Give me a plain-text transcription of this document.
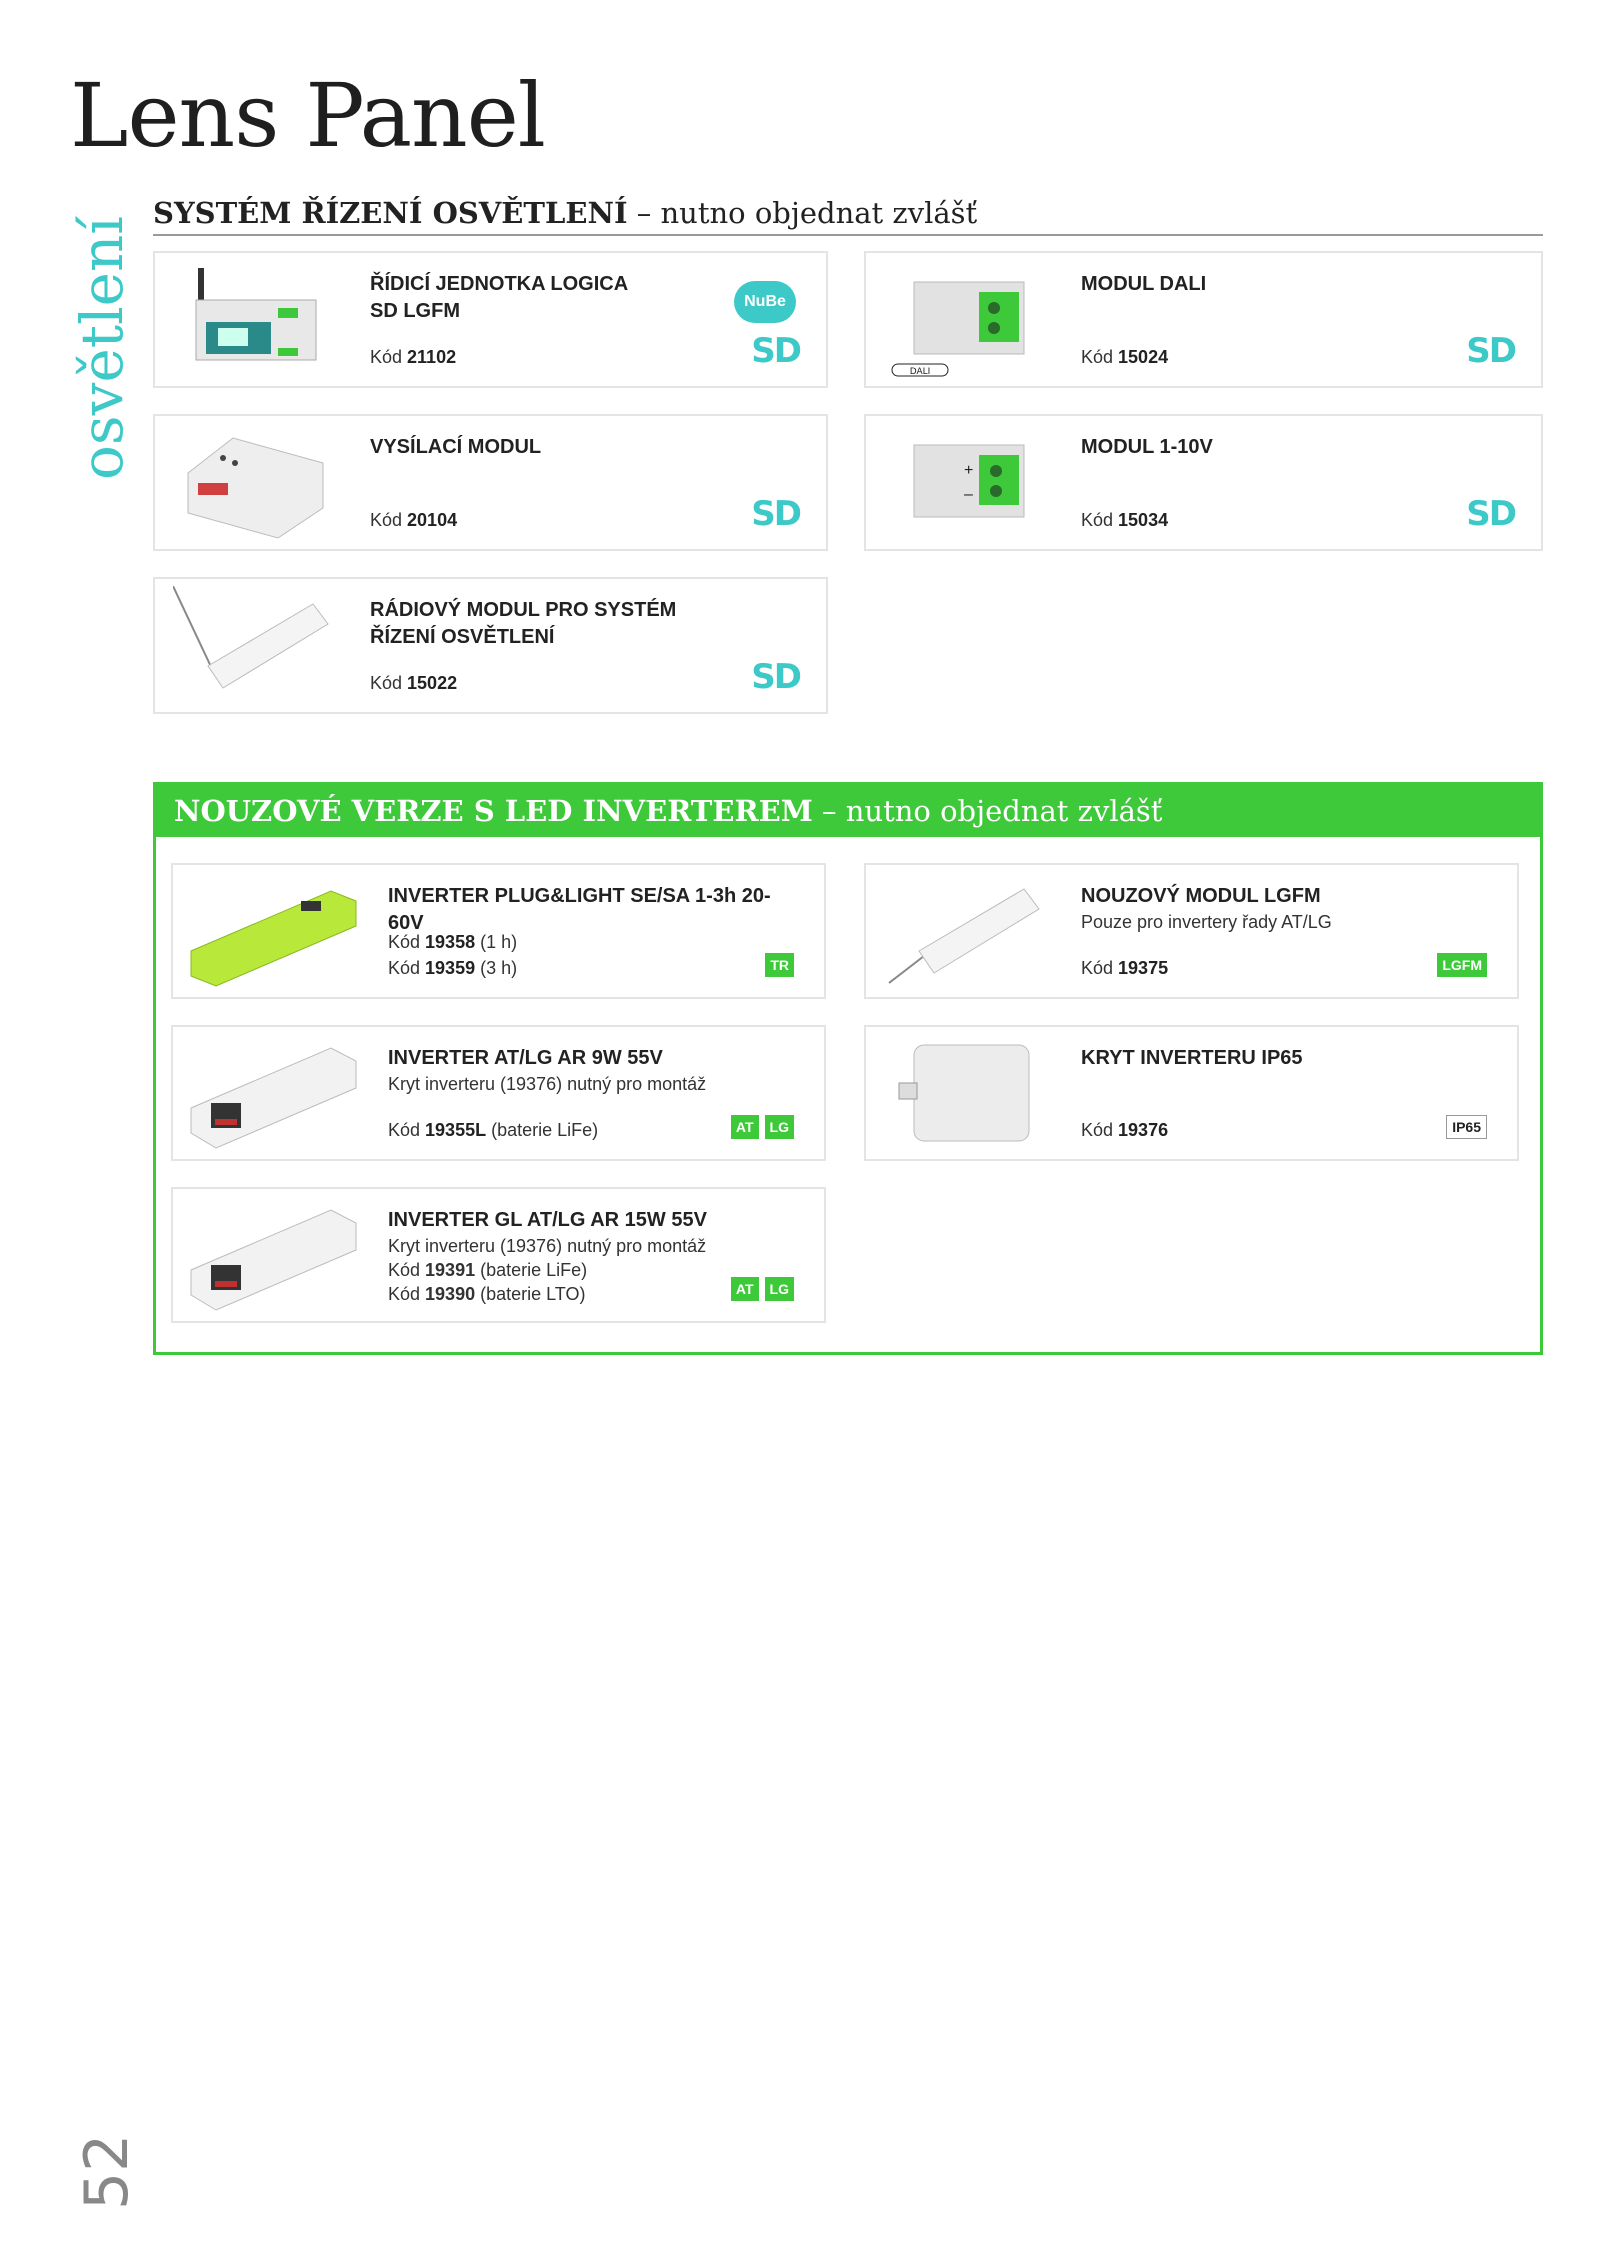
Lens Panel
osvětlení
52
SYSTÉM ŘÍZENÍ OSVĚTLENÍ – nutno objednat zvlášť
ŘÍDICÍ JEDNOTKA LOGICA SD LGFM
Kód 21102
NuBe
SD
DALI
MODUL DALI
Kód 15024	SD
VYSÍLACÍ MODUL
Kód 20104	SD
+
–
MODUL 1-10V
Kód 15034	SD
RÁDIOVÝ MODUL PRO SYSTÉM ŘÍZENÍ OSVĚTLENÍ
Kód 15022	SD
NOUZOVÉ VERZE S LED INVERTEREM – nutno objednat zvlášť
INVERTER PLUG&LIGHT SE/SA 1-3h 20-60V
Kód 19358 (1 h)
Kód 19359 (3 h)	TR
NOUZOVÝ MODUL LGFM
Pouze pro invertery řady AT/LG
Kód 19375	LGFM
INVERTER AT/LG AR 9W 55V
Kryt inverteru (19376) nutný pro montáž
Kód 19355L (baterie LiFe)	AT LG
KRYT INVERTERU IP65
Kód 19376	IP65
INVERTER GL AT/LG AR 15W 55V
Kryt inverteru (19376) nutný pro montáž
Kód 19391 (baterie LiFe)
Kód 19390 (baterie LTO)	AT LG
